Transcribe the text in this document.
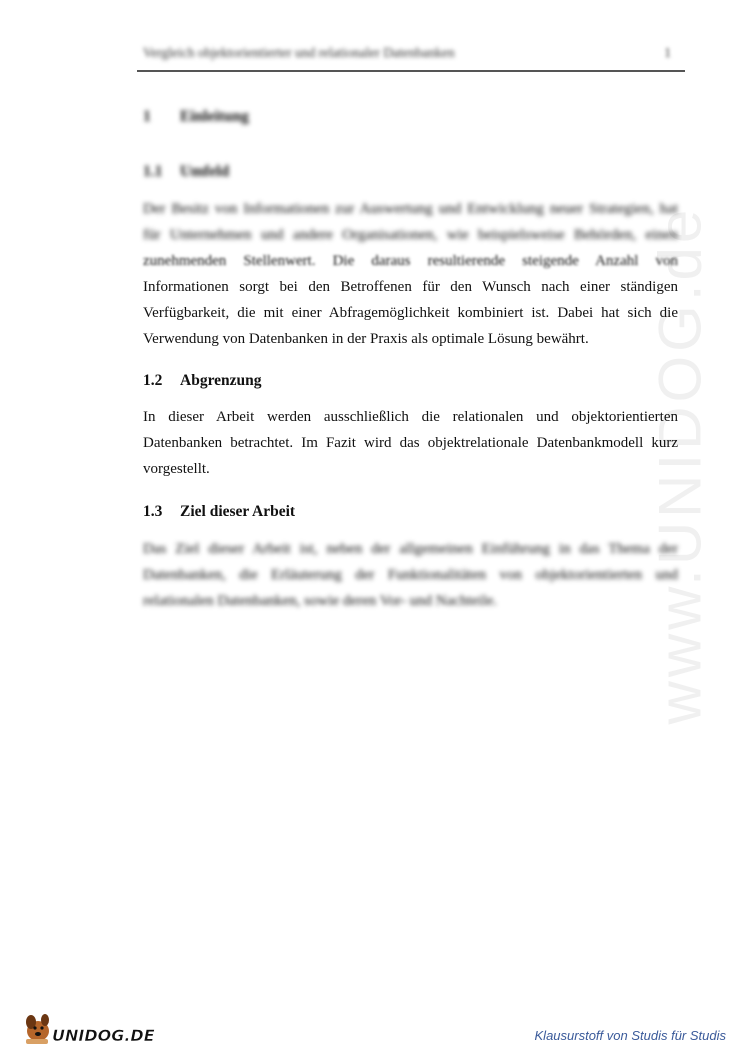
Vergleich objektorientierter und relationaler Datenbanken	1
www.UNIDOG.de
1 Einleitung
1.1 Umfeld
Der Besitz von Informationen zur Auswertung und Entwicklung neuer Strategien, hat
für Unternehmen und andere Organisationen, wie beispielsweise Behörden, einen
zunehmenden Stellenwert. Die daraus resultierende steigende Anzahl von
Informationen sorgt bei den Betroffenen für den Wunsch nach einer ständigen
Verfügbarkeit, die mit einer Abfragemöglichkeit kombiniert ist. Dabei hat sich die
Verwendung von Datenbanken in der Praxis als optimale Lösung bewährt.
1.2 Abgrenzung
In dieser Arbeit werden ausschließlich die relationalen und objektorientierten
Datenbanken betrachtet. Im Fazit wird das objektrelationale Datenbankmodell kurz
vorgestellt.
1.3 Ziel dieser Arbeit
Das Ziel dieser Arbeit ist, neben der allgemeinen Einführung in das Thema der
Datenbanken, die Erläuterung der Funktionalitäten von objektorientierten und
relationalen Datenbanken, sowie deren Vor- und Nachteile.
UNIDOG.DE	Klausurstoff von Studis für Studis
